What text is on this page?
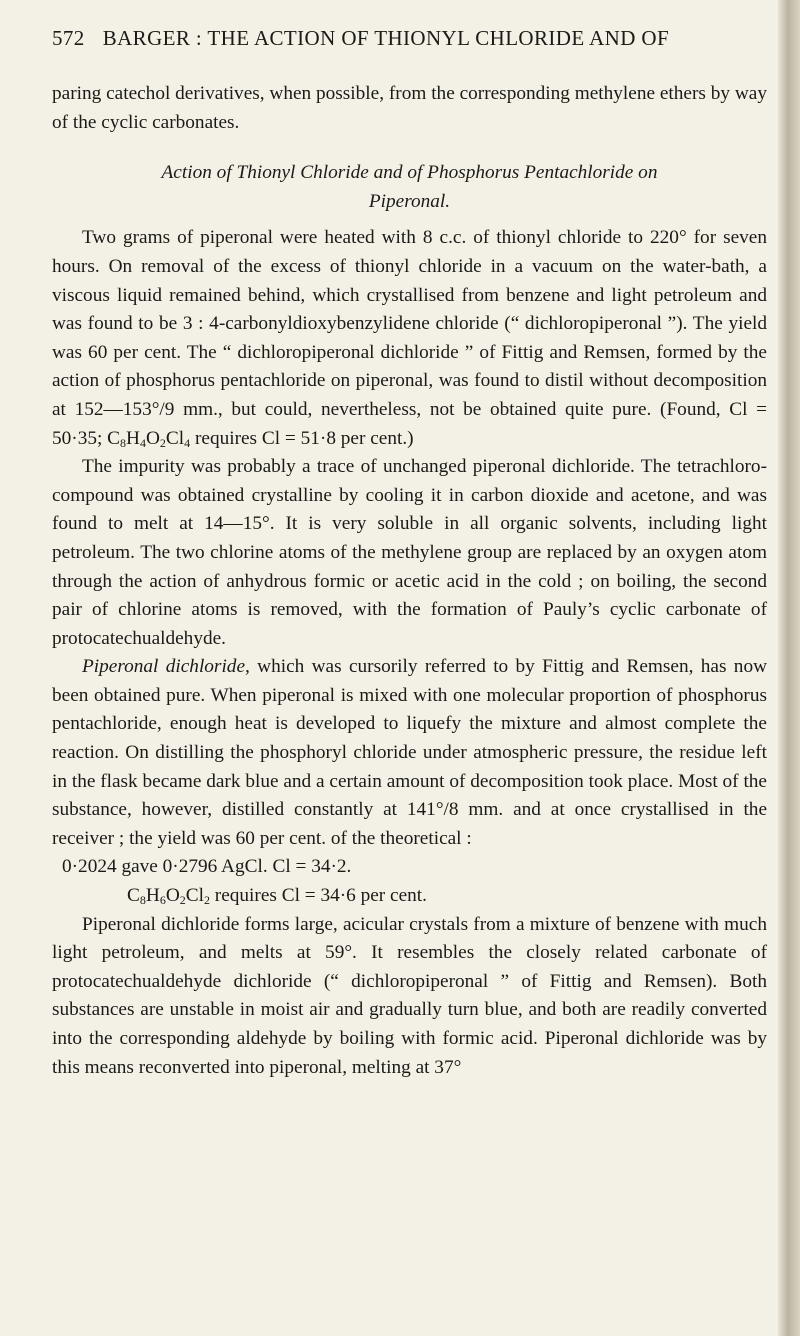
572 BARGER : THE ACTION OF THIONYL CHLORIDE AND OF

paring catechol derivatives, when possible, from the corresponding methylene ethers by way of the cyclic carbonates.

Action of Thionyl Chloride and of Phosphorus Pentachloride on
Piperonal.

Two grams of piperonal were heated with 8 c.c. of thionyl chloride to 220° for seven hours. On removal of the excess of thionyl chloride in a vacuum on the water-bath, a viscous liquid remained behind, which crystallised from benzene and light petroleum and was found to be 3 : 4-carbonyldioxybenzylidene chloride (“ dichloropiperonal ”). The yield was 60 per cent. The “ dichloropiperonal dichloride ” of Fittig and Remsen, formed by the action of phosphorus pentachloride on piperonal, was found to distil without decomposition at 152—153°/9 mm., but could, nevertheless, not be obtained quite pure. (Found, Cl = 50·35; $C_8H_4O_2Cl_4$ requires Cl = 51·8 per cent.)

The impurity was probably a trace of unchanged piperonal dichloride. The tetrachloro-compound was obtained crystalline by cooling it in carbon dioxide and acetone, and was found to melt at 14—15°. It is very soluble in all organic solvents, including light petroleum. The two chlorine atoms of the methylene group are replaced by an oxygen atom through the action of anhydrous formic or acetic acid in the cold ; on boiling, the second pair of chlorine atoms is removed, with the formation of Pauly’s cyclic carbonate of protocatechualdehyde.

Piperonal dichloride, which was cursorily referred to by Fittig and Remsen, has now been obtained pure. When piperonal is mixed with one molecular proportion of phosphorus pentachloride, enough heat is developed to liquefy the mixture and almost complete the reaction. On distilling the phosphoryl chloride under atmospheric pressure, the residue left in the flask became dark blue and a certain amount of decomposition took place. Most of the substance, however, distilled constantly at 141°/8 mm. and at once crystallised in the receiver ; the yield was 60 per cent. of the theoretical :

0·2024 gave 0·2796 AgCl. Cl = 34·2.

$C_8H_6O_2Cl_2$ requires Cl = 34·6 per cent.

Piperonal dichloride forms large, acicular crystals from a mixture of benzene with much light petroleum, and melts at 59°. It resembles the closely related carbonate of protocatechualdehyde dichloride (“ dichloropiperonal ” of Fittig and Remsen). Both substances are unstable in moist air and gradually turn blue, and both are readily converted into the corresponding aldehyde by boiling with formic acid. Piperonal dichloride was by this means reconverted into piperonal, melting at 37°
